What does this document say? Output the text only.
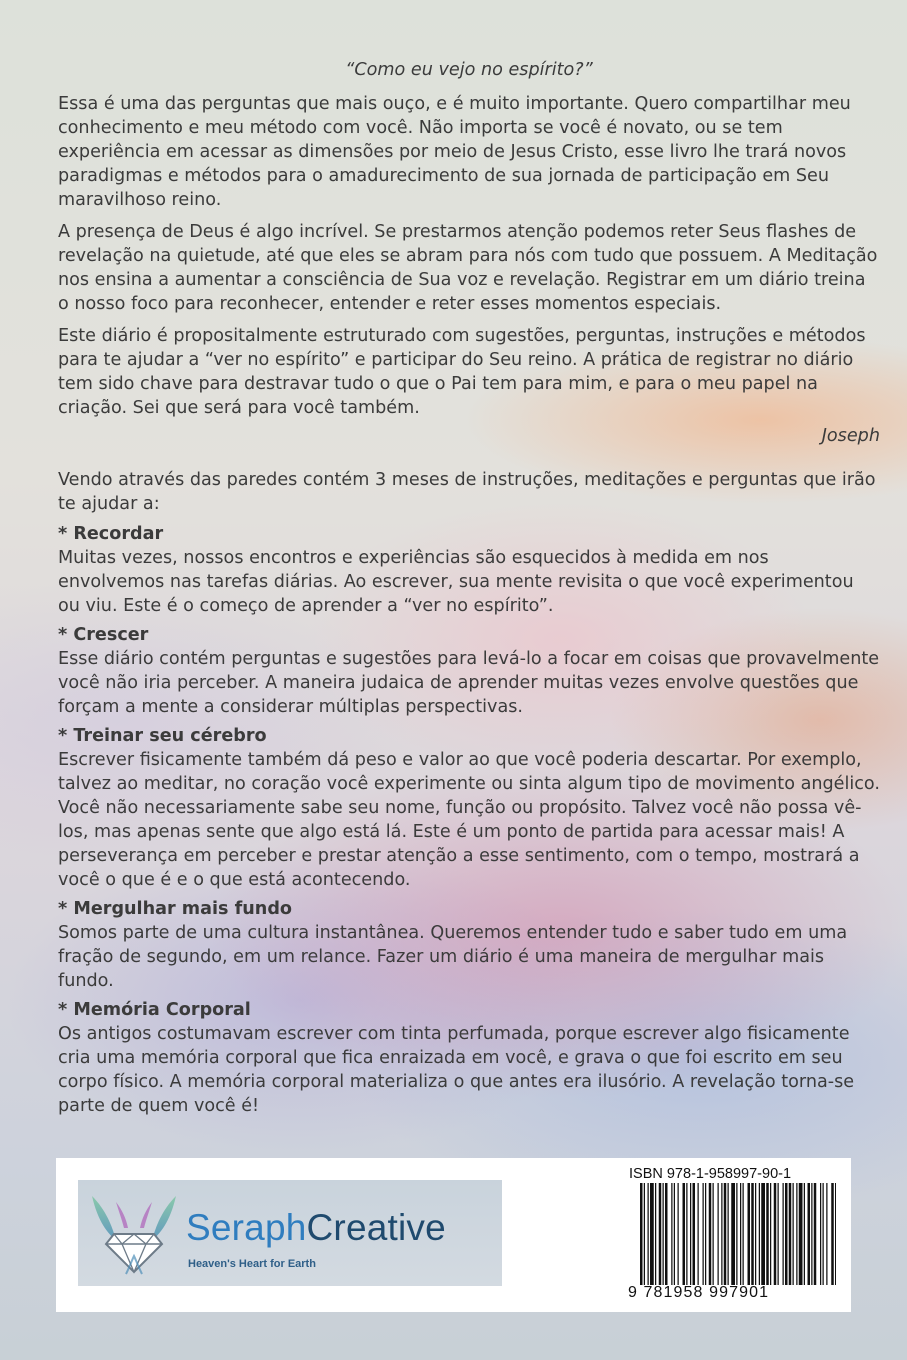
“Como eu vejo no espírito?”

Essa é uma das perguntas que mais ouço, e é muito importante. Quero compartilhar meu conhecimento e meu método com você. Não importa se você é novato, ou se tem experiência em acessar as dimensões por meio de Jesus Cristo, esse livro lhe trará novos paradigmas e métodos para o amadurecimento de sua jornada de participação em Seu maravilhoso reino.

A presença de Deus é algo incrível. Se prestarmos atenção podemos reter Seus flashes de revelação na quietude, até que eles se abram para nós com tudo que possuem. A Meditação nos ensina a aumentar a consciência de Sua voz e revelação. Registrar em um diário treina o nosso foco para reconhecer, entender e reter esses momentos especiais.

Este diário é propositalmente estruturado com sugestões, perguntas, instruções e métodos para te ajudar a “ver no espírito” e participar do Seu reino. A prática de registrar no diário tem sido chave para destravar tudo o que o Pai tem para mim, e para o meu papel na criação. Sei que será para você também.

Joseph

Vendo através das paredes contém 3 meses de instruções, meditações e perguntas que irão te ajudar a:

* Recordar

Muitas vezes, nossos encontros e experiências são esquecidos à medida em nos envolvemos nas tarefas diárias. Ao escrever, sua mente revisita o que você experimentou ou viu. Este é o começo de aprender a “ver no espírito”.

* Crescer

Esse diário contém perguntas e sugestões para levá-lo a focar em coisas que provavelmente você não iria perceber. A maneira judaica de aprender muitas vezes envolve questões que forçam a mente a considerar múltiplas perspectivas.

* Treinar seu cérebro

Escrever fisicamente também dá peso e valor ao que você poderia descartar. Por exemplo, talvez ao meditar, no coração você experimente ou sinta algum tipo de movimento angélico. Você não necessariamente sabe seu nome, função ou propósito. Talvez você não possa vê-los, mas apenas sente que algo está lá. Este é um ponto de partida para acessar mais! A perseverança em perceber e prestar atenção a esse sentimento, com o tempo, mostrará a você o que é e o que está acontecendo.

* Mergulhar mais fundo

Somos parte de uma cultura instantânea. Queremos entender tudo e saber tudo em uma fração de segundo, em um relance. Fazer um diário é uma maneira de mergulhar mais fundo.

* Memória Corporal

Os antigos costumavam escrever com tinta perfumada, porque escrever algo fisicamente cria uma memória corporal que fica enraizada em você, e grava o que foi escrito em seu corpo físico. A memória corporal materializa o que antes era ilusório. A revelação torna-se parte de quem você é!

SeraphCreative
Heaven's Heart for Earth
ISBN 978-1-958997-90-1
9 781958 997901
